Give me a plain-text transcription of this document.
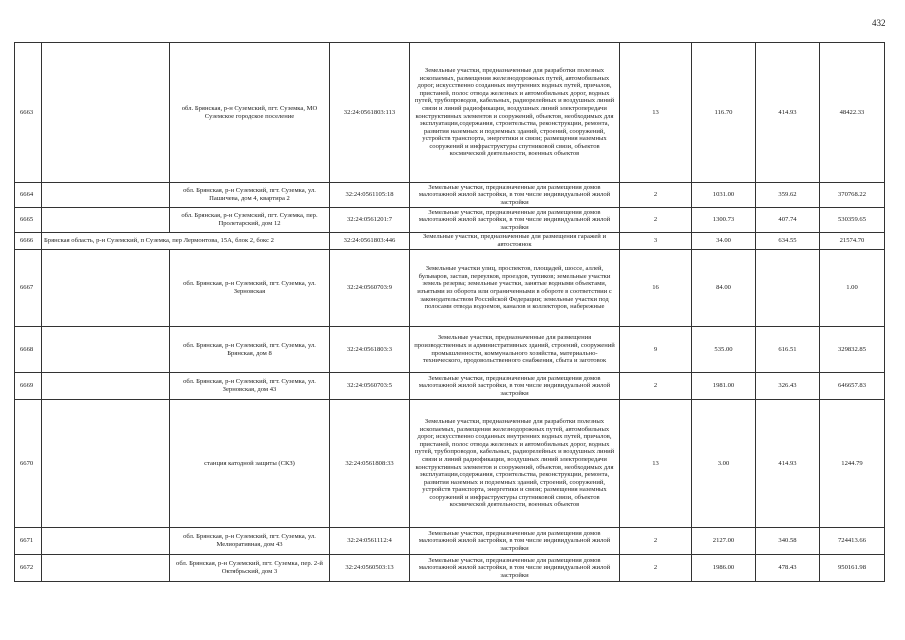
432
6663		обл. Брянская, р-н Суземский, пгт. Суземка, МО Суземское городское поселение	32:24:0561803:113	Земельные участки, предназначенные для разработки полезных ископаемых, размещения железнодорожных путей, автомобильных дорог, искусственно созданных внутренних водных путей, причалов, пристаней, полос отвода железных и автомобильных дорог, водных путей, трубопроводов, кабельных, радиорелейных и воздушных линий связи и линий радиофикации, воздушных линий электропередачи конструктивных элементов и сооружений, объектов, необходимых для эксплуатации,содержания, строительства, реконструкции, ремонта, развития наземных и подземных зданий, строений, сооружений, устройств транспорта, энергетики и связи; размещения наземных сооружений и инфраструктуры спутниковой связи, объектов космической деятельности, военных объектов	13	116.70	414.93	48422.33
6664		обл. Брянская, р-н Суземский, пгт. Суземка, ул. Пашичева, дом 4, квартира 2	32:24:0561105:18	Земельные участки, предназначенные для размещения домов малоэтажной жилой застройки, в том числе индивидуальной жилой застройки	2	1031.00	359.62	370768.22
6665		обл. Брянская, р-н Суземский, пгт. Суземка, пер. Пролетарский, дом 12	32:24:0561201:7	Земельные участки, предназначенные для размещения домов малоэтажной жилой застройки, в том числе индивидуальной жилой застройки	2	1300.73	407.74	530359.65
6666	Брянская область, р-н Суземский, п Суземка, пер Лермонтова, 15А, блок 2, бокс 2		32:24:0561803:446	Земельные участки, предназначенные для размещения гаражей и автостоянок	3	34.00	634.55	21574.70
6667		обл. Брянская, р-н Суземский, пгт. Суземка, ул. Зерновская	32:24:0560703:9	Земельные участки улиц, проспектов, площадей, шоссе, аллей, бульваров, застав, переулков, проездов, тупиков; земельные участки земель резерва; земельные участки, занятые водными объектами, изъятыми из оборота или ограниченными в обороте в соответствии с законодательством Российской Федерации; земельные участки под полосами отвода водоемов, каналов и коллекторов, набережные	16	84.00		1.00
6668		обл. Брянская, р-н Суземский, пгт. Суземка, ул. Брянская, дом 8	32:24:0561803:3	Земельные участки, предназначенные для размещения производственных и административных зданий, строений, сооружений промышленности, коммунального хозяйства, материально-технического, продовольственного снабжения, сбыта и заготовок	9	535.00	616.51	329832.85
6669		обл. Брянская, р-н Суземский, пгт. Суземка, ул. Зерновская, дом 43	32:24:0560703:5	Земельные участки, предназначенные для размещения домов малоэтажной жилой застройки, в том числе индивидуальной жилой застройки	2	1981.00	326.43	646657.83
6670		станция катодной защиты (СКЗ)	32:24:0561808:33	Земельные участки, предназначенные для разработки полезных ископаемых, размещения железнодорожных путей, автомобильных дорог, искусственно созданных внутренних водных путей, причалов, пристаней, полос отвода железных и автомобильных дорог, водных путей, трубопроводов, кабельных, радиорелейных и воздушных линий связи и линий радиофикации, воздушных линий электропередачи конструктивных элементов и сооружений, объектов, необходимых для эксплуатации,содержания, строительства, реконструкции, ремонта, развития наземных и подземных зданий, строений, сооружений, устройств транспорта, энергетики и связи; размещения наземных сооружений и инфраструктуры спутниковой связи, объектов космической деятельности, военных объектов	13	3.00	414.93	1244.79
6671		обл. Брянская, р-н Суземский, пгт. Суземка, ул. Мелиоративная, дом 43	32:24:0561112:4	Земельные участки, предназначенные для размещения домов малоэтажной жилой застройки, в том числе индивидуальной жилой застройки	2	2127.00	340.58	724413.66
6672		обл. Брянская, р-н Суземский, пгт. Суземка, пер. 2-й Октябрьский, дом 3	32:24:0560503:13	Земельные участки, предназначенные для размещения домов малоэтажной жилой застройки, в том числе индивидуальной жилой застройки	2	1986.00	478.43	950161.98
